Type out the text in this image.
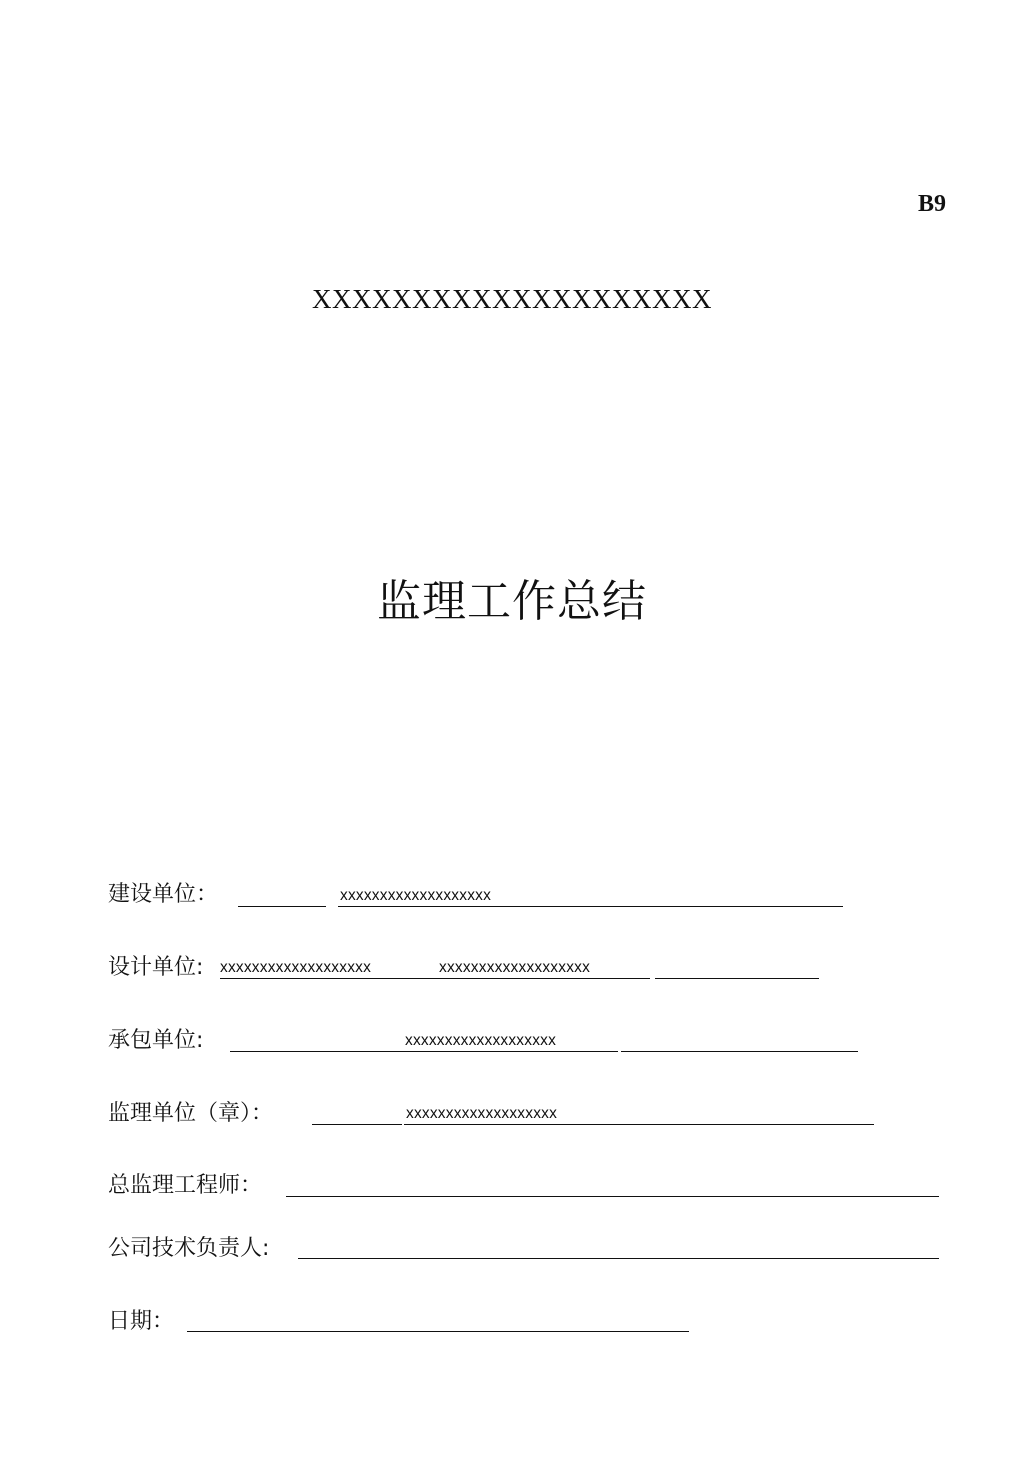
B9
XXXXXXXXXXXXXXXXXXXX
监理工作总结
建设单位：	xxxxxxxxxxxxxxxxxxx
设计单位: xxxxxxxxxxxxxxxxxxx	xxxxxxxxxxxxxxxxxxx
承包单位:	xxxxxxxxxxxxxxxxxxx
监理单位（章）：	xxxxxxxxxxxxxxxxxxx
总监理工程师：
公司技术负责人:
日期：
